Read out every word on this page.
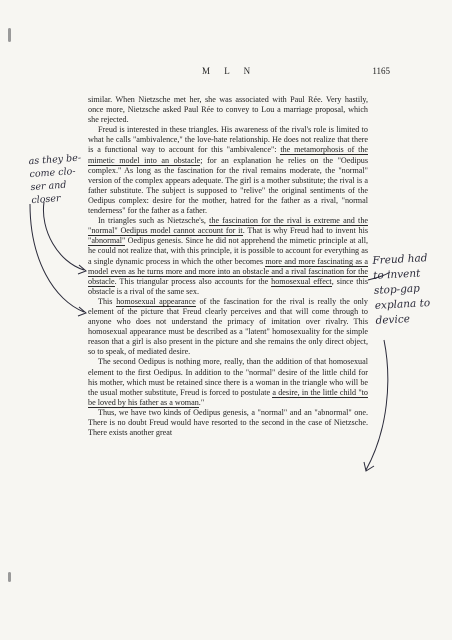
M L N	1165

similar. When Nietzsche met her, she was associated with Paul Rée. Very hastily, once more, Nietzsche asked Paul Rée to convey to Lou a marriage proposal, which she rejected.

Freud is interested in these triangles. His awareness of the rival's role is limited to what he calls "ambivalence," the love-hate relationship. He does not realize that there is a functional way to account for this "ambivalence": the metamorphosis of the mimetic model into an obstacle; for an explanation he relies on the "Oedipus complex." As long as the fascination for the rival remains moderate, the "normal" version of the complex appears adequate. The girl is a mother substitute; the rival is a father substitute. The subject is supposed to "relive" the original sentiments of the Oedipus complex: desire for the mother, hatred for the father as a rival, "normal tenderness" for the father as a father.

In triangles such as Nietzsche's, the fascination for the rival is extreme and the "normal" Oedipus model cannot account for it. That is why Freud had to invent his "abnormal" Oedipus genesis. Since he did not apprehend the mimetic principle at all, he could not realize that, with this principle, it is possible to account for everything as a single dynamic process in which the other becomes more and more fascinating as a model even as he turns more and more into an obstacle and a rival fascination for the obstacle. This triangular process also accounts for the homosexual effect, since this obstacle is a rival of the same sex.

This homosexual appearance of the fascination for the rival is really the only element of the picture that Freud clearly perceives and that will come through to anyone who does not understand the primacy of imitation over rivalry. This homosexual appearance must be described as a "latent" homosexuality for the simple reason that a girl is also present in the picture and she remains the only direct object, so to speak, of mediated desire.

The second Oedipus is nothing more, really, than the addition of that homosexual element to the first Oedipus. In addition to the "normal" desire of the little child for his mother, which must be retained since there is a woman in the triangle who will be the usual mother substitute, Freud is forced to postulate a desire, in the little child "to be loved by his father as a woman."

Thus, we have two kinds of Oedipus genesis, a "normal" and an "abnormal" one. There is no doubt Freud would have resorted to the second in the case of Nietzsche. There exists another great

as they be-
come clo-
ser and
closer
Freud had
to invent
stop-gap
explana to
device
